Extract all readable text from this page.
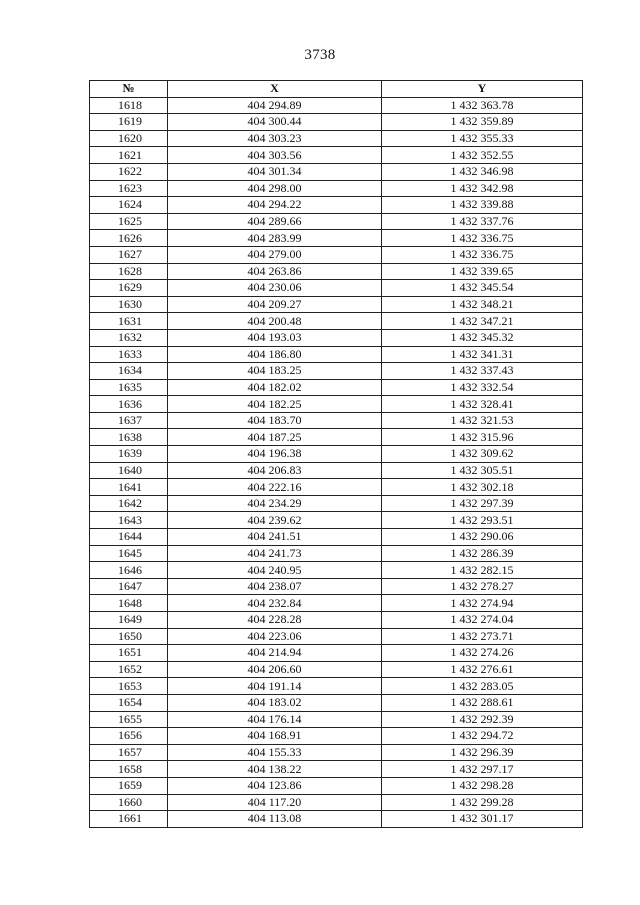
3738
№	X	Y
1618	404 294.89	1 432 363.78
1619	404 300.44	1 432 359.89
1620	404 303.23	1 432 355.33
1621	404 303.56	1 432 352.55
1622	404 301.34	1 432 346.98
1623	404 298.00	1 432 342.98
1624	404 294.22	1 432 339.88
1625	404 289.66	1 432 337.76
1626	404 283.99	1 432 336.75
1627	404 279.00	1 432 336.75
1628	404 263.86	1 432 339.65
1629	404 230.06	1 432 345.54
1630	404 209.27	1 432 348.21
1631	404 200.48	1 432 347.21
1632	404 193.03	1 432 345.32
1633	404 186.80	1 432 341.31
1634	404 183.25	1 432 337.43
1635	404 182.02	1 432 332.54
1636	404 182.25	1 432 328.41
1637	404 183.70	1 432 321.53
1638	404 187.25	1 432 315.96
1639	404 196.38	1 432 309.62
1640	404 206.83	1 432 305.51
1641	404 222.16	1 432 302.18
1642	404 234.29	1 432 297.39
1643	404 239.62	1 432 293.51
1644	404 241.51	1 432 290.06
1645	404 241.73	1 432 286.39
1646	404 240.95	1 432 282.15
1647	404 238.07	1 432 278.27
1648	404 232.84	1 432 274.94
1649	404 228.28	1 432 274.04
1650	404 223.06	1 432 273.71
1651	404 214.94	1 432 274.26
1652	404 206.60	1 432 276.61
1653	404 191.14	1 432 283.05
1654	404 183.02	1 432 288.61
1655	404 176.14	1 432 292.39
1656	404 168.91	1 432 294.72
1657	404 155.33	1 432 296.39
1658	404 138.22	1 432 297.17
1659	404 123.86	1 432 298.28
1660	404 117.20	1 432 299.28
1661	404 113.08	1 432 301.17
